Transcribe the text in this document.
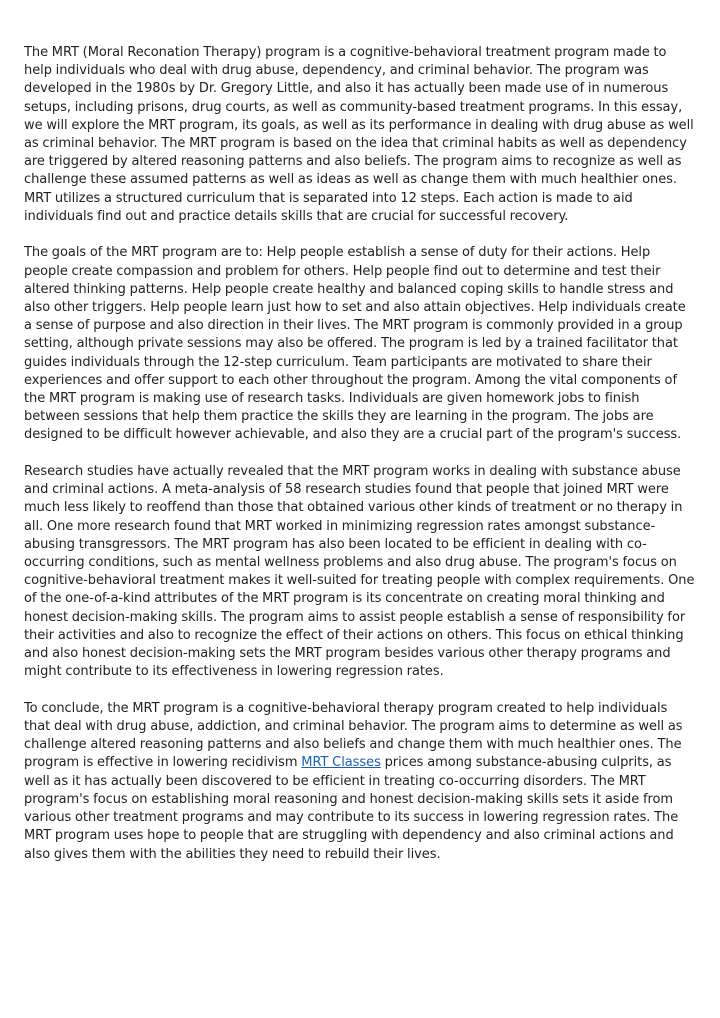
The MRT (Moral Reconation Therapy) program is a cognitive-behavioral treatment program made to help individuals who deal with drug abuse, dependency, and criminal behavior. The program was developed in the 1980s by Dr. Gregory Little, and also it has actually been made use of in numerous setups, including prisons, drug courts, as well as community-based treatment programs. In this essay, we will explore the MRT program, its goals, as well as its performance in dealing with drug abuse as well as criminal behavior. The MRT program is based on the idea that criminal habits as well as dependency are triggered by altered reasoning patterns and also beliefs. The program aims to recognize as well as challenge these assumed patterns as well as ideas as well as change them with much healthier ones. MRT utilizes a structured curriculum that is separated into 12 steps. Each action is made to aid individuals find out and practice details skills that are crucial for successful recovery.

The goals of the MRT program are to: Help people establish a sense of duty for their actions. Help people create compassion and problem for others. Help people find out to determine and test their altered thinking patterns. Help people create healthy and balanced coping skills to handle stress and also other triggers. Help people learn just how to set and also attain objectives. Help individuals create a sense of purpose and also direction in their lives. The MRT program is commonly provided in a group setting, although private sessions may also be offered. The program is led by a trained facilitator that guides individuals through the 12-step curriculum. Team participants are motivated to share their experiences and offer support to each other throughout the program. Among the vital components of the MRT program is making use of research tasks. Individuals are given homework jobs to finish between sessions that help them practice the skills they are learning in the program. The jobs are designed to be difficult however achievable, and also they are a crucial part of the program's success.

Research studies have actually revealed that the MRT program works in dealing with substance abuse and criminal actions. A meta-analysis of 58 research studies found that people that joined MRT were much less likely to reoffend than those that obtained various other kinds of treatment or no therapy in all. One more research found that MRT worked in minimizing regression rates amongst substance-abusing transgressors. The MRT program has also been located to be efficient in dealing with co-occurring conditions, such as mental wellness problems and also drug abuse. The program's focus on cognitive-behavioral treatment makes it well-suited for treating people with complex requirements. One of the one-of-a-kind attributes of the MRT program is its concentrate on creating moral thinking and honest decision-making skills. The program aims to assist people establish a sense of responsibility for their activities and also to recognize the effect of their actions on others. This focus on ethical thinking and also honest decision-making sets the MRT program besides various other therapy programs and might contribute to its effectiveness in lowering regression rates.

To conclude, the MRT program is a cognitive-behavioral therapy program created to help individuals that deal with drug abuse, addiction, and criminal behavior. The program aims to determine as well as challenge altered reasoning patterns and also beliefs and change them with much healthier ones. The program is effective in lowering recidivism MRT Classes prices among substance-abusing culprits, as well as it has actually been discovered to be efficient in treating co-occurring disorders. The MRT program's focus on establishing moral reasoning and honest decision-making skills sets it aside from various other treatment programs and may contribute to its success in lowering regression rates. The MRT program uses hope to people that are struggling with dependency and also criminal actions and also gives them with the abilities they need to rebuild their lives.
